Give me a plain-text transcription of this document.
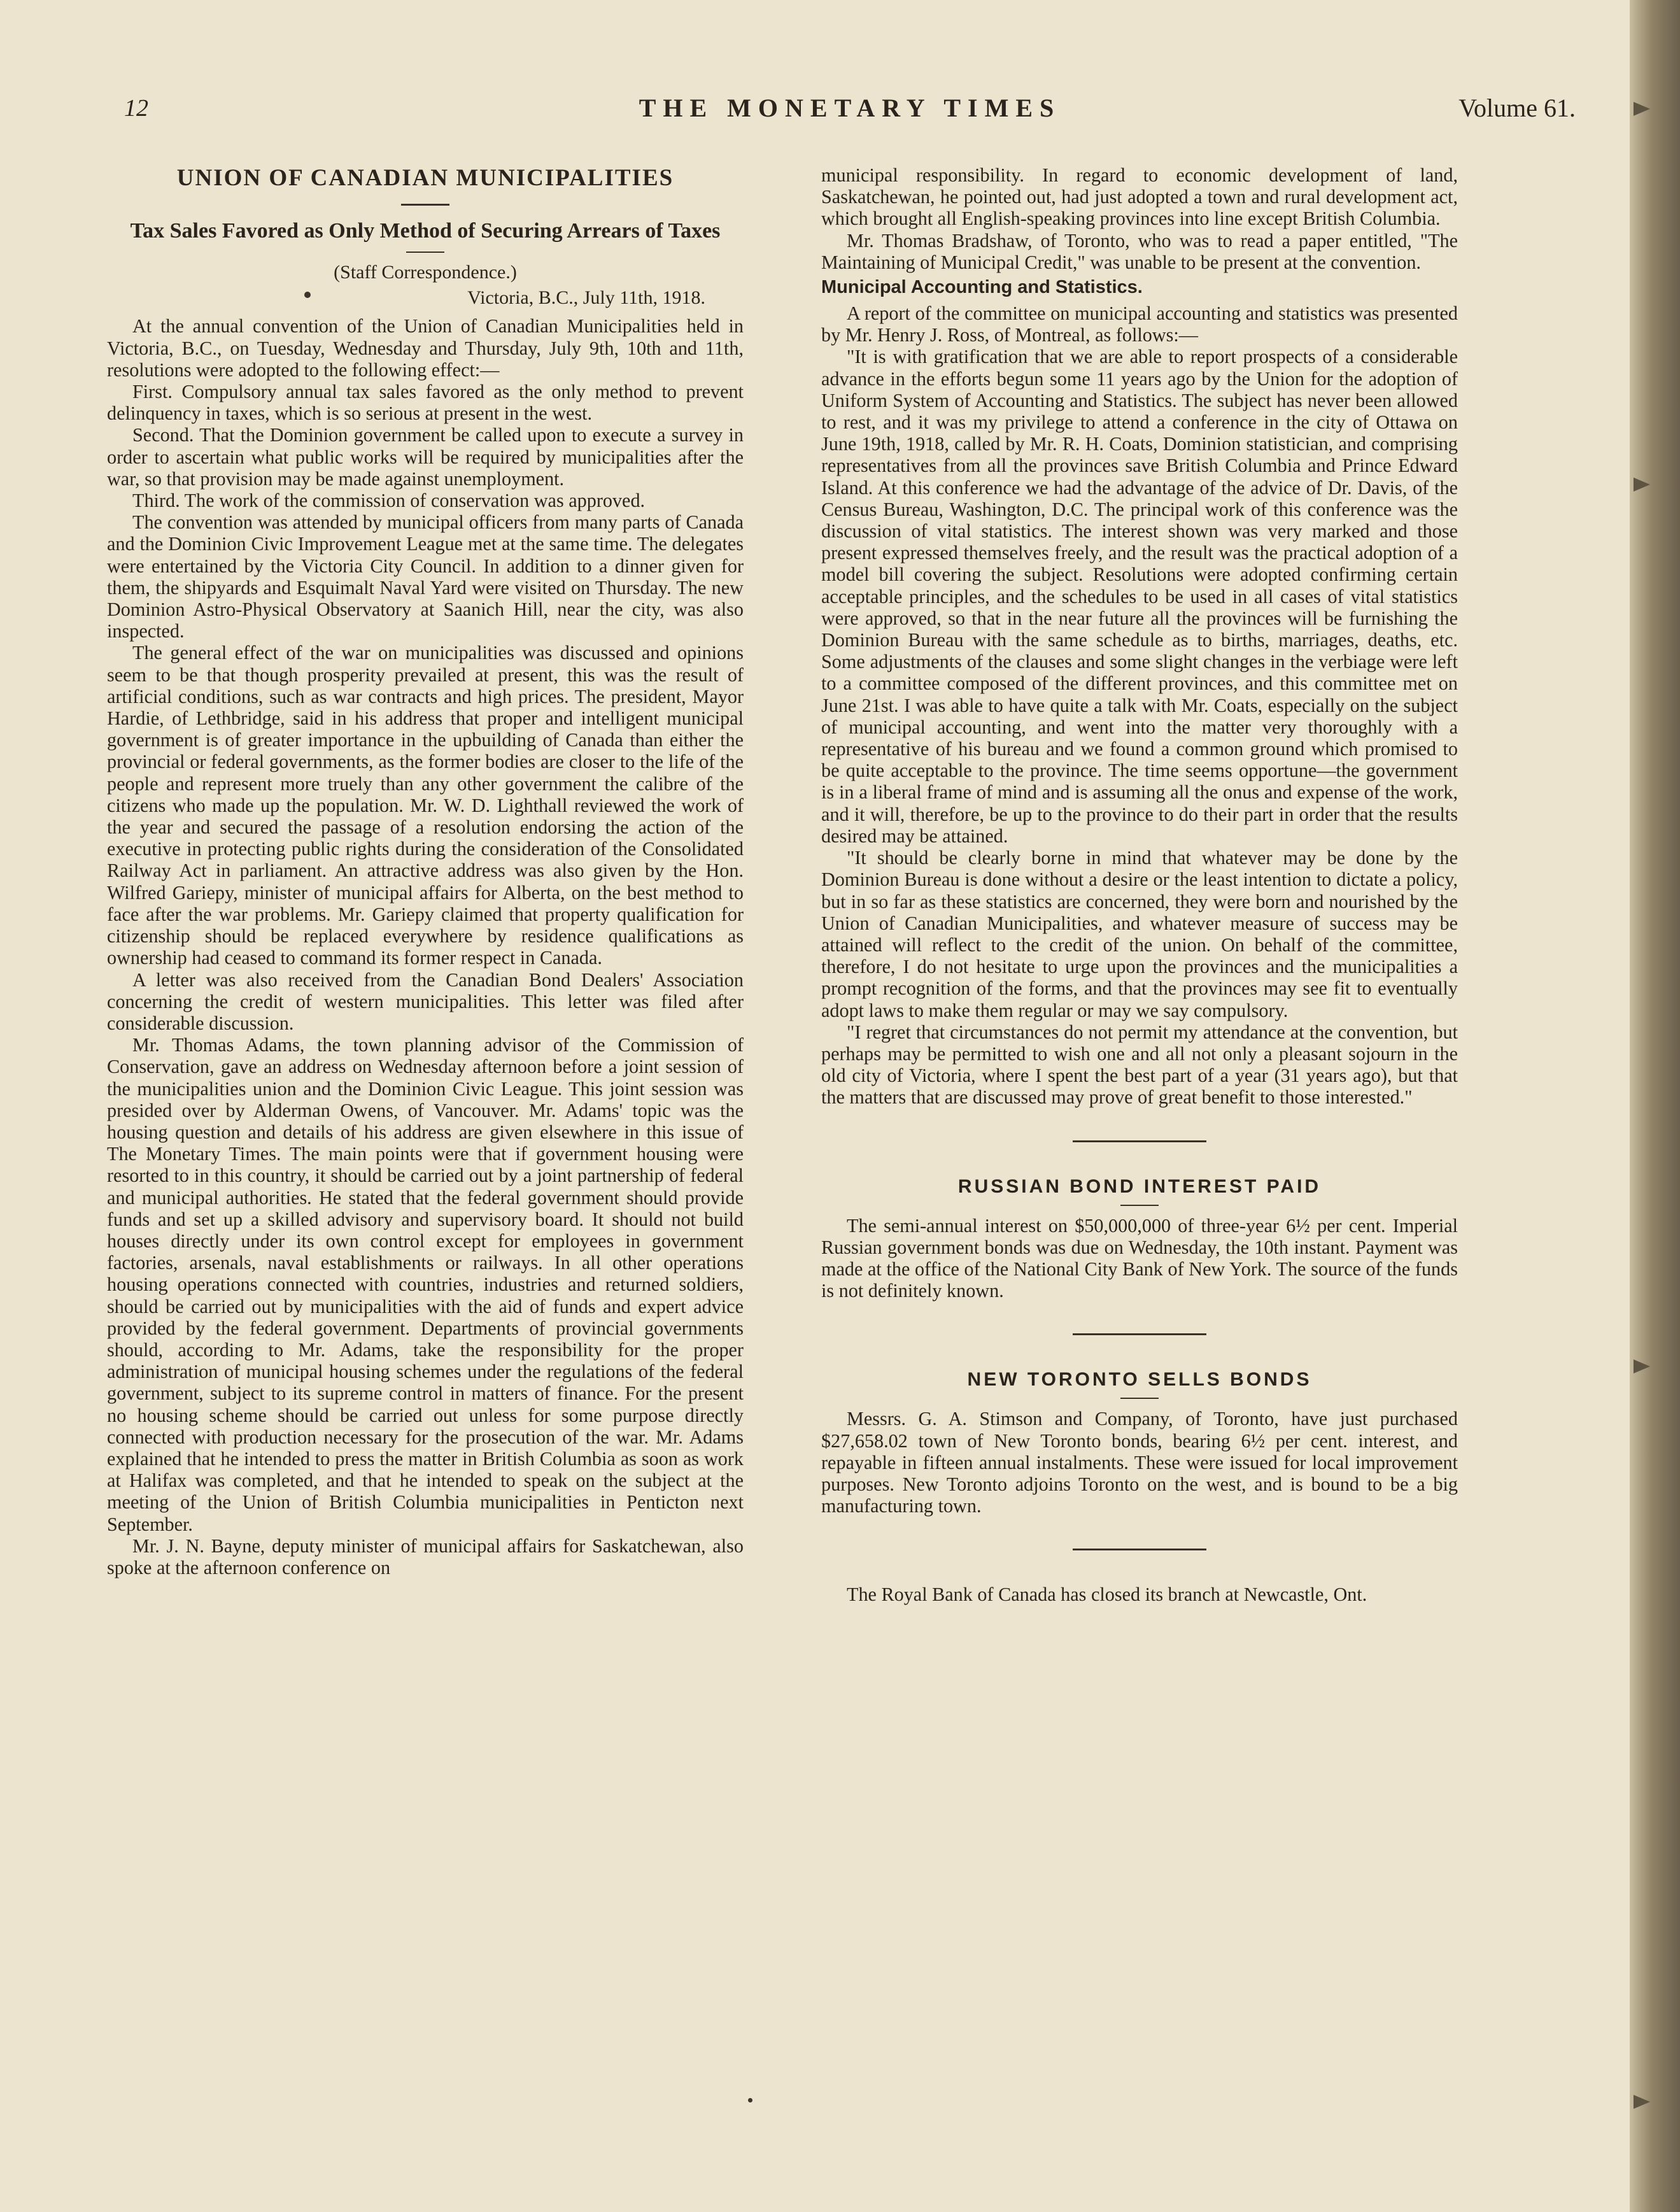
12	THE MONETARY TIMES	Volume 61.
UNION OF CANADIAN MUNICIPALITIES
Tax Sales Favored as Only Method of Securing Arrears of Taxes
(Staff Correspondence.)
Victoria, B.C., July 11th, 1918.

At the annual convention of the Union of Canadian Municipalities held in Victoria, B.C., on Tuesday, Wednesday and Thursday, July 9th, 10th and 11th, resolutions were adopted to the following effect:—

First. Compulsory annual tax sales favored as the only method to prevent delinquency in taxes, which is so serious at present in the west.

Second. That the Dominion government be called upon to execute a survey in order to ascertain what public works will be required by municipalities after the war, so that provision may be made against unemployment.

Third. The work of the commission of conservation was approved.

The convention was attended by municipal officers from many parts of Canada and the Dominion Civic Improvement League met at the same time. The delegates were entertained by the Victoria City Council. In addition to a dinner given for them, the shipyards and Esquimalt Naval Yard were visited on Thursday. The new Dominion Astro-Physical Observatory at Saanich Hill, near the city, was also inspected.

The general effect of the war on municipalities was discussed and opinions seem to be that though prosperity prevailed at present, this was the result of artificial conditions, such as war contracts and high prices. The president, Mayor Hardie, of Lethbridge, said in his address that proper and intelligent municipal government is of greater importance in the upbuilding of Canada than either the provincial or federal governments, as the former bodies are closer to the life of the people and represent more truely than any other government the calibre of the citizens who made up the population. Mr. W. D. Lighthall reviewed the work of the year and secured the passage of a resolution endorsing the action of the executive in protecting public rights during the consideration of the Consolidated Railway Act in parliament. An attractive address was also given by the Hon. Wilfred Gariepy, minister of municipal affairs for Alberta, on the best method to face after the war problems. Mr. Gariepy claimed that property qualification for citizenship should be replaced everywhere by residence qualifications as ownership had ceased to command its former respect in Canada.

A letter was also received from the Canadian Bond Dealers' Association concerning the credit of western municipalities. This letter was filed after considerable discussion.

Mr. Thomas Adams, the town planning advisor of the Commission of Conservation, gave an address on Wednesday afternoon before a joint session of the municipalities union and the Dominion Civic League. This joint session was presided over by Alderman Owens, of Vancouver. Mr. Adams' topic was the housing question and details of his address are given elsewhere in this issue of The Monetary Times. The main points were that if government housing were resorted to in this country, it should be carried out by a joint partnership of federal and municipal authorities. He stated that the federal government should provide funds and set up a skilled advisory and supervisory board. It should not build houses directly under its own control except for employees in government factories, arsenals, naval establishments or railways. In all other operations housing operations connected with countries, industries and returned soldiers, should be carried out by municipalities with the aid of funds and expert advice provided by the federal government. Departments of provincial governments should, according to Mr. Adams, take the responsibility for the proper administration of municipal housing schemes under the regulations of the federal government, subject to its supreme control in matters of finance. For the present no housing scheme should be carried out unless for some purpose directly connected with production necessary for the prosecution of the war. Mr. Adams explained that he intended to press the matter in British Columbia as soon as work at Halifax was completed, and that he intended to speak on the subject at the meeting of the Union of British Columbia municipalities in Penticton next September.

Mr. J. N. Bayne, deputy minister of municipal affairs for Saskatchewan, also spoke at the afternoon conference on

municipal responsibility. In regard to economic development of land, Saskatchewan, he pointed out, had just adopted a town and rural development act, which brought all English-speaking provinces into line except British Columbia.

Mr. Thomas Bradshaw, of Toronto, who was to read a paper entitled, "The Maintaining of Municipal Credit," was unable to be present at the convention.

Municipal Accounting and Statistics.

A report of the committee on municipal accounting and statistics was presented by Mr. Henry J. Ross, of Montreal, as follows:—

"It is with gratification that we are able to report prospects of a considerable advance in the efforts begun some 11 years ago by the Union for the adoption of Uniform System of Accounting and Statistics. The subject has never been allowed to rest, and it was my privilege to attend a conference in the city of Ottawa on June 19th, 1918, called by Mr. R. H. Coats, Dominion statistician, and comprising representatives from all the provinces save British Columbia and Prince Edward Island. At this conference we had the advantage of the advice of Dr. Davis, of the Census Bureau, Washington, D.C. The principal work of this conference was the discussion of vital statistics. The interest shown was very marked and those present expressed themselves freely, and the result was the practical adoption of a model bill covering the subject. Resolutions were adopted confirming certain acceptable principles, and the schedules to be used in all cases of vital statistics were approved, so that in the near future all the provinces will be furnishing the Dominion Bureau with the same schedule as to births, marriages, deaths, etc. Some adjustments of the clauses and some slight changes in the verbiage were left to a committee composed of the different provinces, and this committee met on June 21st. I was able to have quite a talk with Mr. Coats, especially on the subject of municipal accounting, and went into the matter very thoroughly with a representative of his bureau and we found a common ground which promised to be quite acceptable to the province. The time seems opportune—the government is in a liberal frame of mind and is assuming all the onus and expense of the work, and it will, therefore, be up to the province to do their part in order that the results desired may be attained.

"It should be clearly borne in mind that whatever may be done by the Dominion Bureau is done without a desire or the least intention to dictate a policy, but in so far as these statistics are concerned, they were born and nourished by the Union of Canadian Municipalities, and whatever measure of success may be attained will reflect to the credit of the union. On behalf of the committee, therefore, I do not hesitate to urge upon the provinces and the municipalities a prompt recognition of the forms, and that the provinces may see fit to eventually adopt laws to make them regular or may we say compulsory.

"I regret that circumstances do not permit my attendance at the convention, but perhaps may be permitted to wish one and all not only a pleasant sojourn in the old city of Victoria, where I spent the best part of a year (31 years ago), but that the matters that are discussed may prove of great benefit to those interested."

RUSSIAN BOND INTEREST PAID

The semi-annual interest on $50,000,000 of three-year 6½ per cent. Imperial Russian government bonds was due on Wednesday, the 10th instant. Payment was made at the office of the National City Bank of New York. The source of the funds is not definitely known.

NEW TORONTO SELLS BONDS

Messrs. G. A. Stimson and Company, of Toronto, have just purchased $27,658.02 town of New Toronto bonds, bearing 6½ per cent. interest, and repayable in fifteen annual instalments. These were issued for local improvement purposes. New Toronto adjoins Toronto on the west, and is bound to be a big manufacturing town.

The Royal Bank of Canada has closed its branch at Newcastle, Ont.
